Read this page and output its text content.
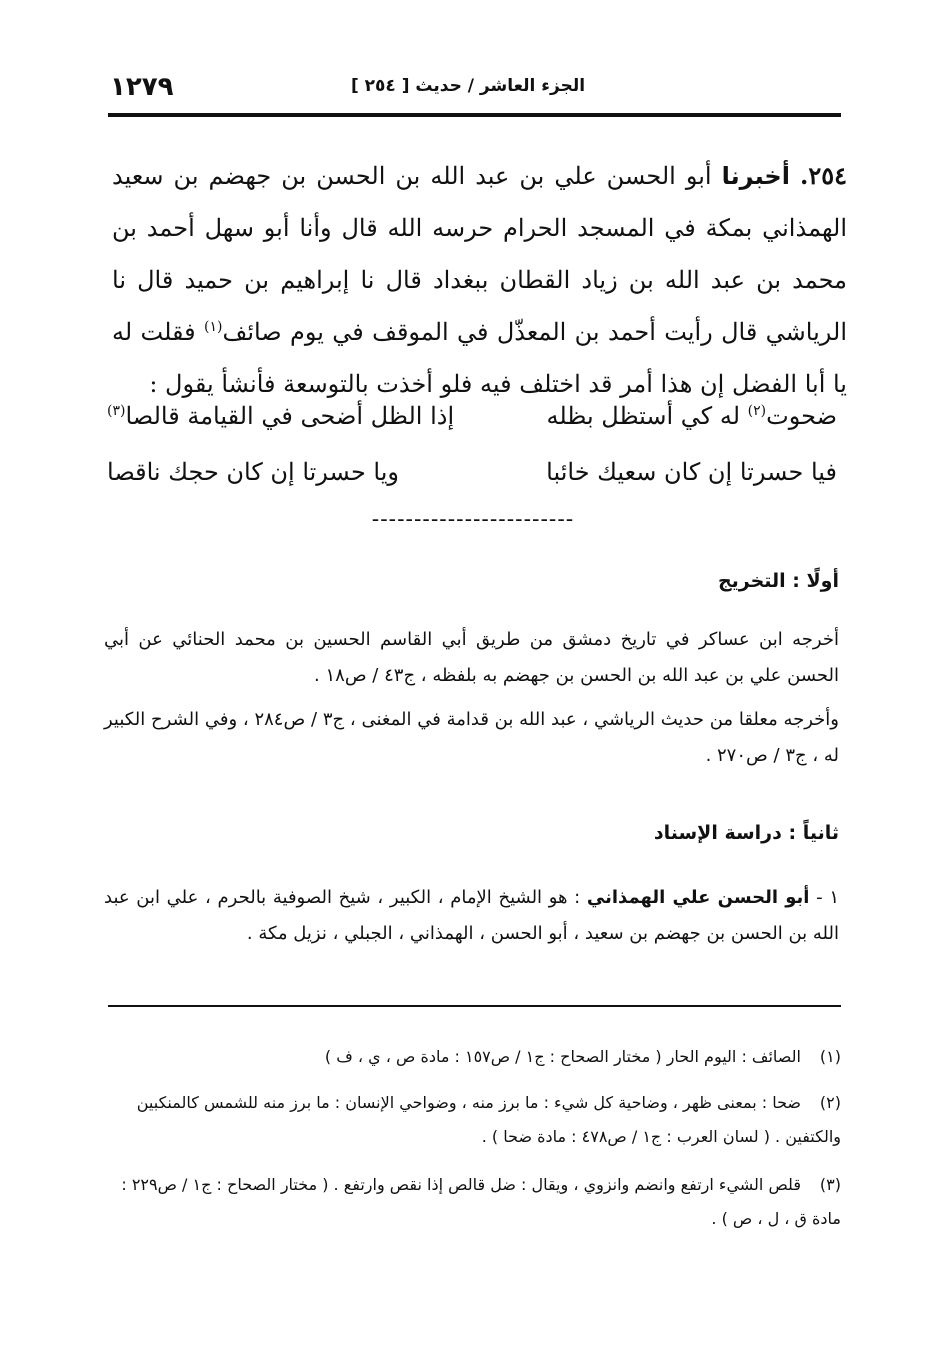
الجزء العاشر / حديث [ ٢٥٤ ]
١٢٧٩

٢٥٤. أخبرنا أبو الحسن علي بن عبد الله بن الحسن بن جهضم بن سعيد الهمذاني بمكة في المسجد الحرام حرسه الله قال وأنا أبو سهل أحمد بن محمد بن عبد الله بن زياد القطان ببغداد قال نا إبراهيم بن حميد قال نا الرياشي قال رأيت أحمد بن المعذّل في الموقف في يوم صائف$^{(١)}$ فقلت له يا أبا الفضل إن هذا أمر قد اختلف فيه فلو أخذت بالتوسعة فأنشأ يقول :

ضحوت$^{(٢)}$ له كي أستظل بظله
إذا الظل أضحى في القيامة قالصا$^{(٣)}$
فيا حسرتا إن كان سعيك خائبا
ويا حسرتا إن كان حجك ناقصا
------------------------
أولًا : التخريج

أخرجه ابن عساكر في تاريخ دمشق من طريق أبي القاسم الحسين بن محمد الحنائي عن أبي الحسن علي بن عبد الله بن الحسن بن جهضم به بلفظه ، ج٤٣ / ص١٨ .

وأخرجه معلقا من حديث الرياشي ، عبد الله بن قدامة في المغنى ، ج٣ / ص٢٨٤ ، وفي الشرح الكبير له ، ج٣ / ص٢٧٠ .

ثانياً : دراسة الإسناد

١ - أبو الحسن علي الهمذاني : هو الشيخ الإمام ، الكبير ، شيخ الصوفية بالحرم ، علي ابن عبد الله بن الحسن بن جهضم بن سعيد ، أبو الحسن ، الهمذاني ، الجبلي ، نزيل مكة .

(١)الصائف : اليوم الحار ( مختار الصحاح : ج١ / ص١٥٧ : مادة ص ، ي ، ف )
(٢)ضحا : بمعنى ظهر ، وضاحية كل شيء : ما برز منه ، وضواحي الإنسان : ما برز منه للشمس كالمنكبين والكتفين . ( لسان العرب : ج١ / ص٤٧٨ : مادة ضحا ) .
(٣)قلص الشيء ارتفع وانضم وانزوي ، ويقال : ضل قالص إذا نقص وارتفع . ( مختار الصحاح : ج١ / ص٢٢٩ : مادة ق ، ل ، ص ) .
